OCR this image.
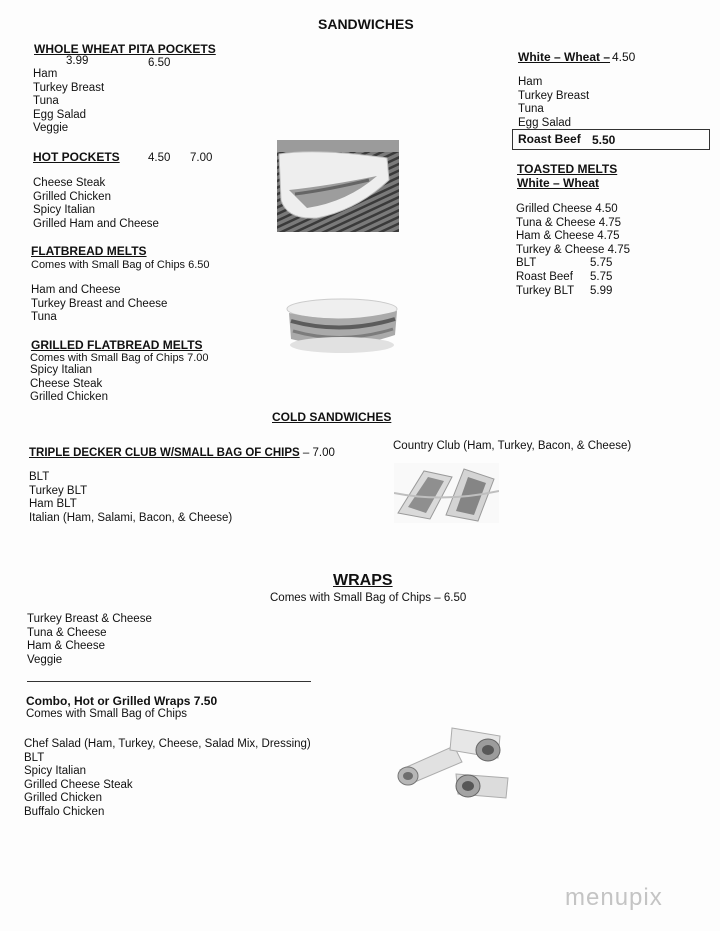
SANDWICHES
WHOLE WHEAT PITA POCKETS
3.99	6.50
Ham
Turkey Breast
Tuna
Egg Salad
Veggie
HOT POCKETS 4.50 7.00
Cheese Steak
Grilled Chicken
Spicy Italian
Grilled Ham and Cheese
FLATBREAD MELTS
Comes with Small Bag of Chips 6.50
Ham and Cheese
Turkey Breast and Cheese
Tuna
GRILLED FLATBREAD MELTS
Comes with Small Bag of Chips 7.00
Spicy Italian
Cheese Steak
Grilled Chicken
White – Wheat – 4.50
Ham
Turkey Breast
Tuna
Egg Salad
Roast Beef 5.50
TOASTED MELTS
White – Wheat
Grilled Cheese 4.50
Tuna & Cheese 4.75
Ham & Cheese 4.75
Turkey & Cheese 4.75
BLT	5.75
Roast Beef 5.75
Turkey BLT 5.99
COLD SANDWICHES
TRIPLE DECKER CLUB W/SMALL BAG OF CHIPS – 7.00
Country Club (Ham, Turkey, Bacon, & Cheese)
BLT
Turkey BLT
Ham BLT
Italian (Ham, Salami, Bacon, & Cheese)
WRAPS
Comes with Small Bag of Chips – 6.50
Turkey Breast & Cheese
Tuna & Cheese
Ham & Cheese
Veggie
Combo, Hot or Grilled Wraps 7.50
Comes with Small Bag of Chips
Chef Salad (Ham, Turkey, Cheese, Salad Mix, Dressing)
BLT
Spicy Italian
Grilled Cheese Steak
Grilled Chicken
Buffalo Chicken
menupix
